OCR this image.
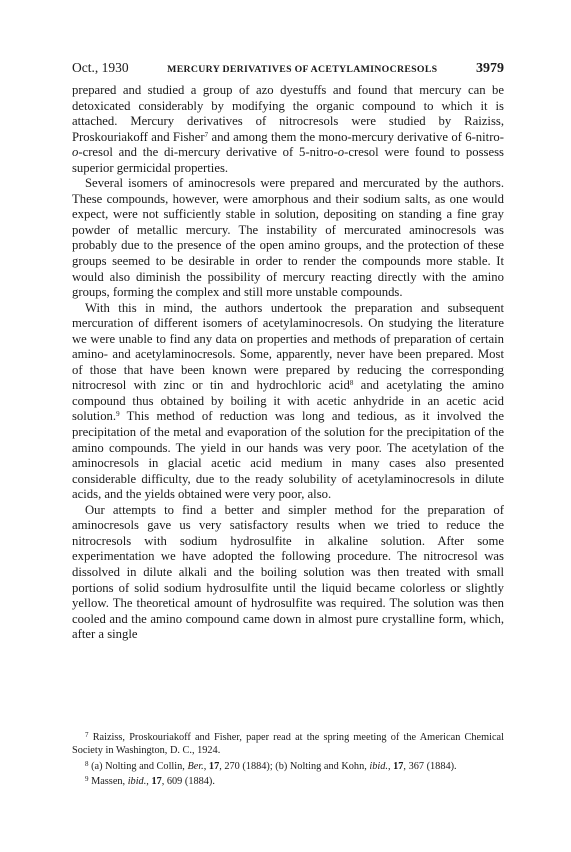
Oct., 1930	MERCURY DERIVATIVES OF ACETYLAMINOCRESOLS	3979

prepared and studied a group of azo dyestuffs and found that mercury can be detoxicated considerably by modifying the organic compound to which it is attached. Mercury derivatives of nitrocresols were studied by Raiziss, Proskouriakoff and Fisher$^7$ and among them the mono-mercury derivative of 6-nitro-o-cresol and the di-mercury derivative of 5-nitro-o-cresol were found to possess superior germicidal properties.

Several isomers of aminocresols were prepared and mercurated by the authors. These compounds, however, were amorphous and their sodium salts, as one would expect, were not sufficiently stable in solution, depositing on standing a fine gray powder of metallic mercury. The instability of mercurated aminocresols was probably due to the presence of the open amino groups, and the protection of these groups seemed to be desirable in order to render the compounds more stable. It would also diminish the possibility of mercury reacting directly with the amino groups, forming the complex and still more unstable compounds.

With this in mind, the authors undertook the preparation and subsequent mercuration of different isomers of acetylaminocresols. On studying the literature we were unable to find any data on properties and methods of preparation of certain amino- and acetylaminocresols. Some, apparently, never have been prepared. Most of those that have been known were prepared by reducing the corresponding nitrocresol with zinc or tin and hydrochloric acid$^8$ and acetylating the amino compound thus obtained by boiling it with acetic anhydride in an acetic acid solution.$^9$ This method of reduction was long and tedious, as it involved the precipitation of the metal and evaporation of the solution for the precipitation of the amino compounds. The yield in our hands was very poor. The acetylation of the aminocresols in glacial acetic acid medium in many cases also presented considerable difficulty, due to the ready solubility of acetylaminocresols in dilute acids, and the yields obtained were very poor, also.

Our attempts to find a better and simpler method for the preparation of aminocresols gave us very satisfactory results when we tried to reduce the nitrocresols with sodium hydrosulfite in alkaline solution. After some experimentation we have adopted the following procedure. The nitrocresol was dissolved in dilute alkali and the boiling solution was then treated with small portions of solid sodium hydrosulfite until the liquid became colorless or slightly yellow. The theoretical amount of hydrosulfite was required. The solution was then cooled and the amino compound came down in almost pure crystalline form, which, after a single

$^7$ Raiziss, Proskouriakoff and Fisher, paper read at the spring meeting of the American Chemical Society in Washington, D. C., 1924.

$^8$ (a) Nolting and Collin, Ber., 17, 270 (1884); (b) Nolting and Kohn, ibid., 17, 367 (1884).

$^9$ Massen, ibid., 17, 609 (1884).
